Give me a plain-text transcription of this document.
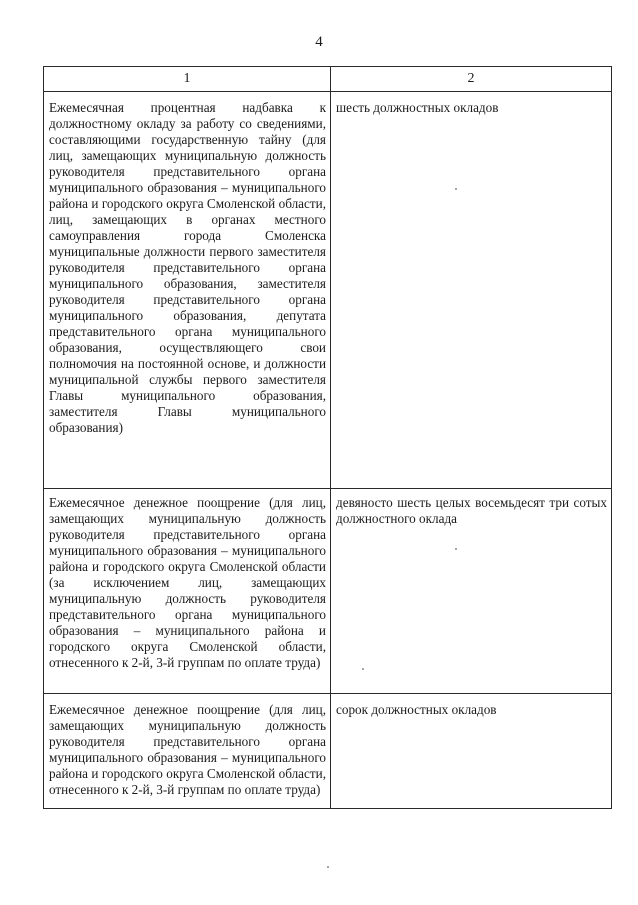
4
1	2
Ежемесячная процентная надбавка к должностному окладу за работу со сведениями, составляющими государственную тайну (для лиц, замещающих муниципальную должность руководителя представительного органа муниципального образования – муниципального района и городского округа Смоленской области, лиц, замещающих в органах местного самоуправления города Смоленска муниципальные должности первого заместителя руководителя представительного органа муниципального образования, заместителя руководителя представительного органа муниципального образования, депутата представительного органа муниципального образования, осуществляющего свои полномочия на постоянной основе, и должности муниципальной службы первого заместителя Главы муниципального образования, заместителя Главы муниципального образования)	шесть должностных окладов
Ежемесячное денежное поощрение (для лиц, замещающих муниципальную должность руководителя представительного органа муниципального образования – муниципального района и городского округа Смоленской области (за исключением лиц, замещающих муниципальную должность руководителя представительного органа муниципального образования – муниципального района и городского округа Смоленской области, отнесенного к 2-й, 3-й группам по оплате труда)	девяносто шесть целых восемьдесят три сотых должностного оклада
Ежемесячное денежное поощрение (для лиц, замещающих муниципальную должность руководителя представительного органа муниципального образования – муниципального района и городского округа Смоленской области, отнесенного к 2-й, 3-й группам по оплате труда)	сорок должностных окладов
